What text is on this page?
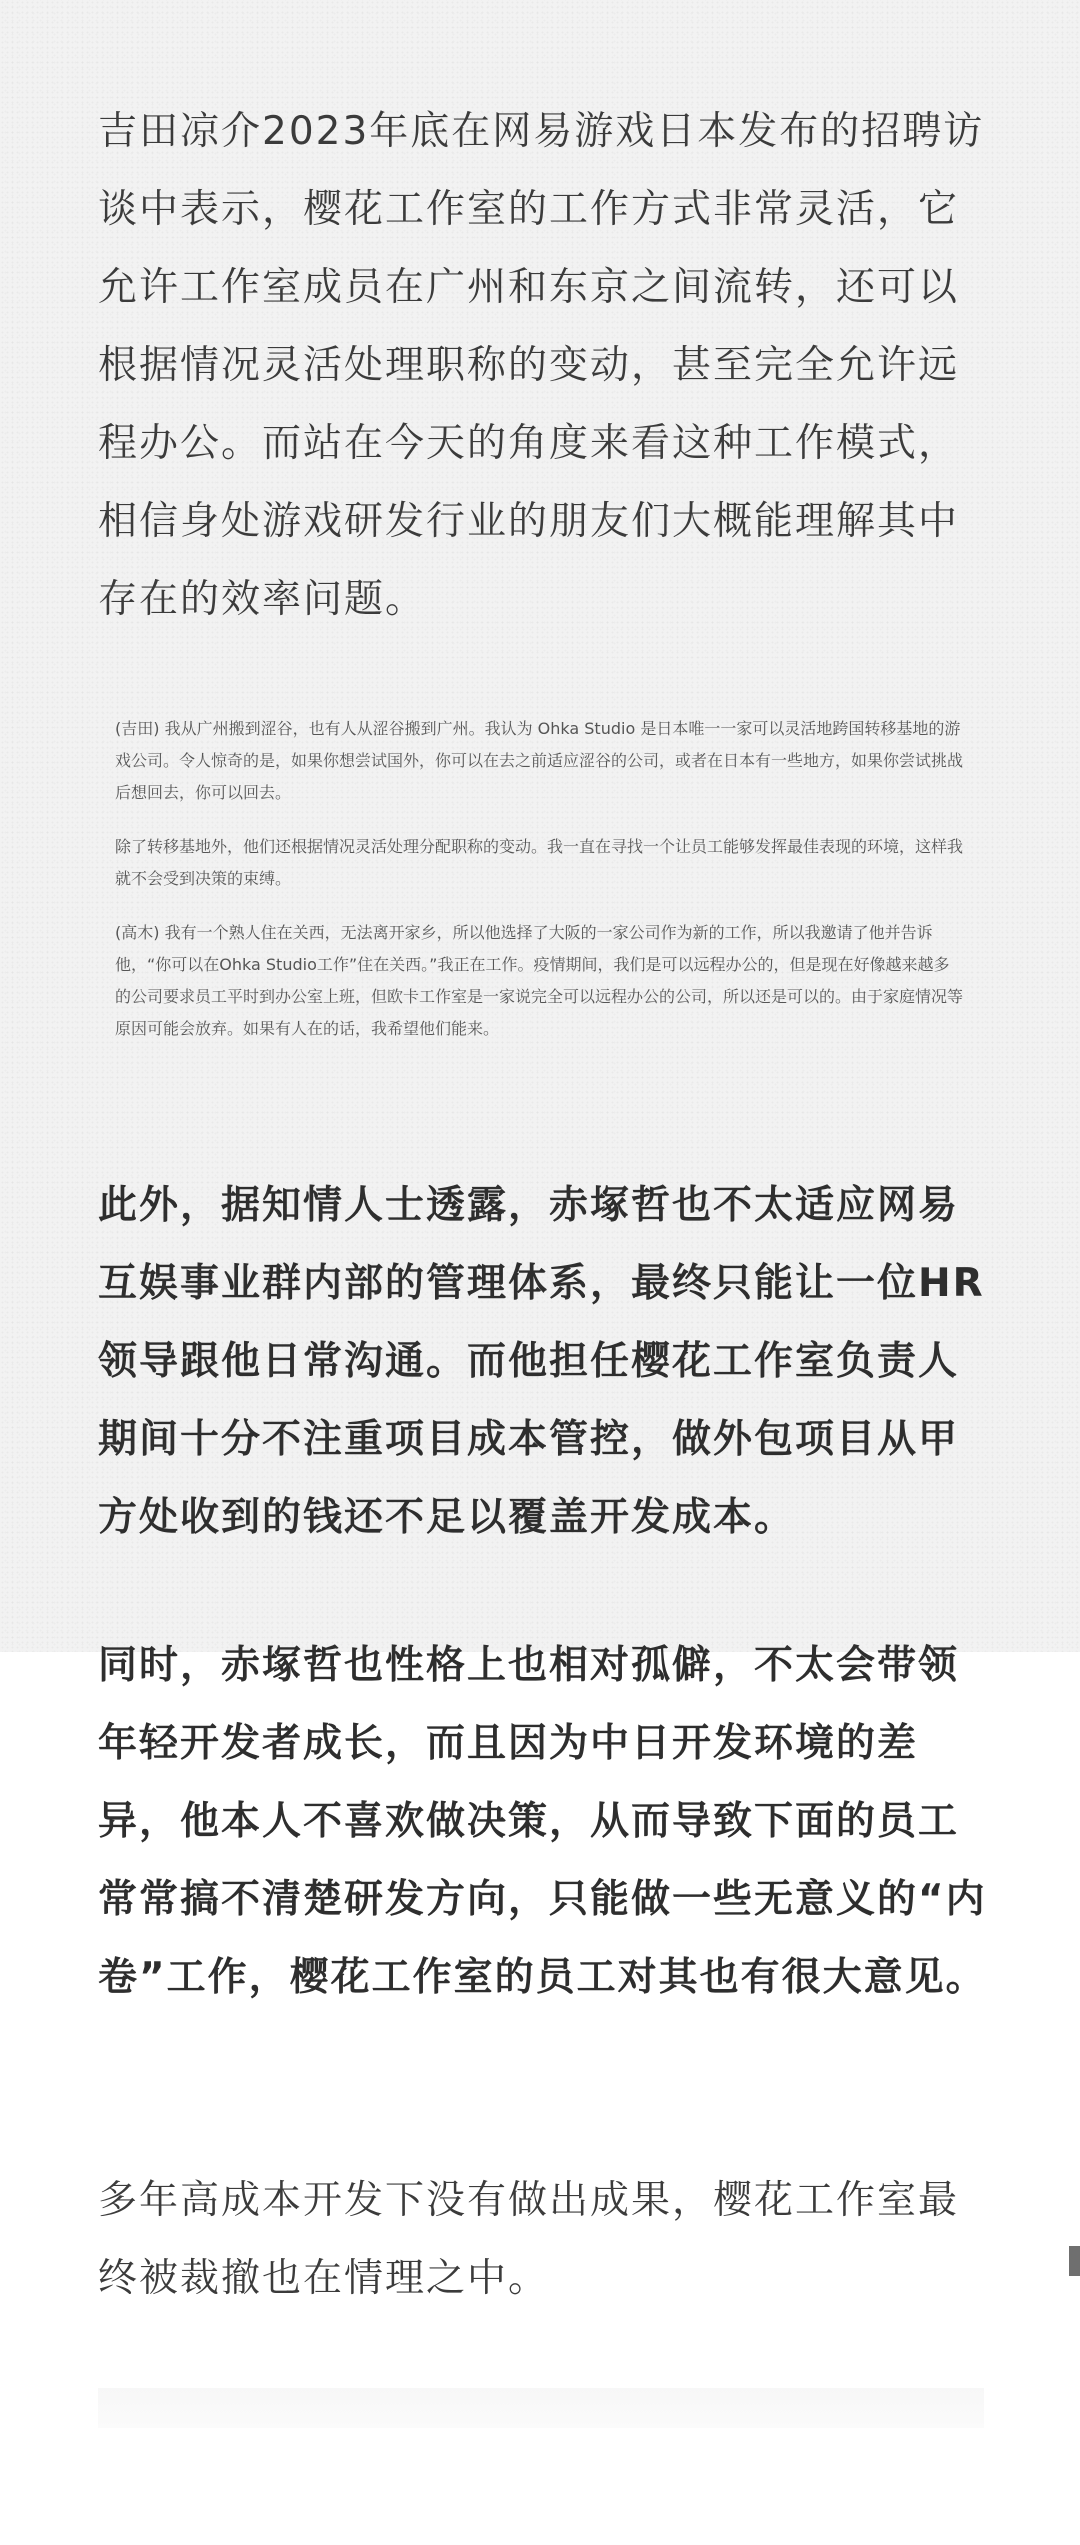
吉田凉介2023年底在网易游戏日本发布的招聘访谈中表示，樱花工作室的工作方式非常灵活，它允许工作室成员在广州和东京之间流转，还可以根据情况灵活处理职称的变动，甚至完全允许远程办公。而站在今天的角度来看这种工作模式，相信身处游戏研发行业的朋友们大概能理解其中存在的效率问题。

(吉田) 我从广州搬到涩谷，也有人从涩谷搬到广州。我认为 Ohka Studio 是日本唯一一家可以灵活地跨国转移基地的游戏公司。令人惊奇的是，如果你想尝试国外，你可以在去之前适应涩谷的公司，或者在日本有一些地方，如果你尝试挑战后想回去，你可以回去。

除了转移基地外，他们还根据情况灵活处理分配职称的变动。我一直在寻找一个让员工能够发挥最佳表现的环境，这样我就不会受到决策的束缚。

(高木) 我有一个熟人住在关西，无法离开家乡，所以他选择了大阪的一家公司作为新的工作，所以我邀请了他并告诉他，“你可以在Ohka Studio工作”住在关西。”我正在工作。疫情期间，我们是可以远程办公的，但是现在好像越来越多的公司要求员工平时到办公室上班，但欧卡工作室是一家说完全可以远程办公的公司，所以还是可以的。由于家庭情况等原因可能会放弃。如果有人在的话，我希望他们能来。

此外，据知情人士透露，赤塚哲也不太适应网易互娱事业群内部的管理体系，最终只能让一位HR领导跟他日常沟通。而他担任樱花工作室负责人期间十分不注重项目成本管控，做外包项目从甲方处收到的钱还不足以覆盖开发成本。

同时，赤塚哲也性格上也相对孤僻，不太会带领年轻开发者成长，而且因为中日开发环境的差异，他本人不喜欢做决策，从而导致下面的员工常常搞不清楚研发方向，只能做一些无意义的“内卷”工作，樱花工作室的员工对其也有很大意见。

多年高成本开发下没有做出成果，樱花工作室最终被裁撤也在情理之中。
